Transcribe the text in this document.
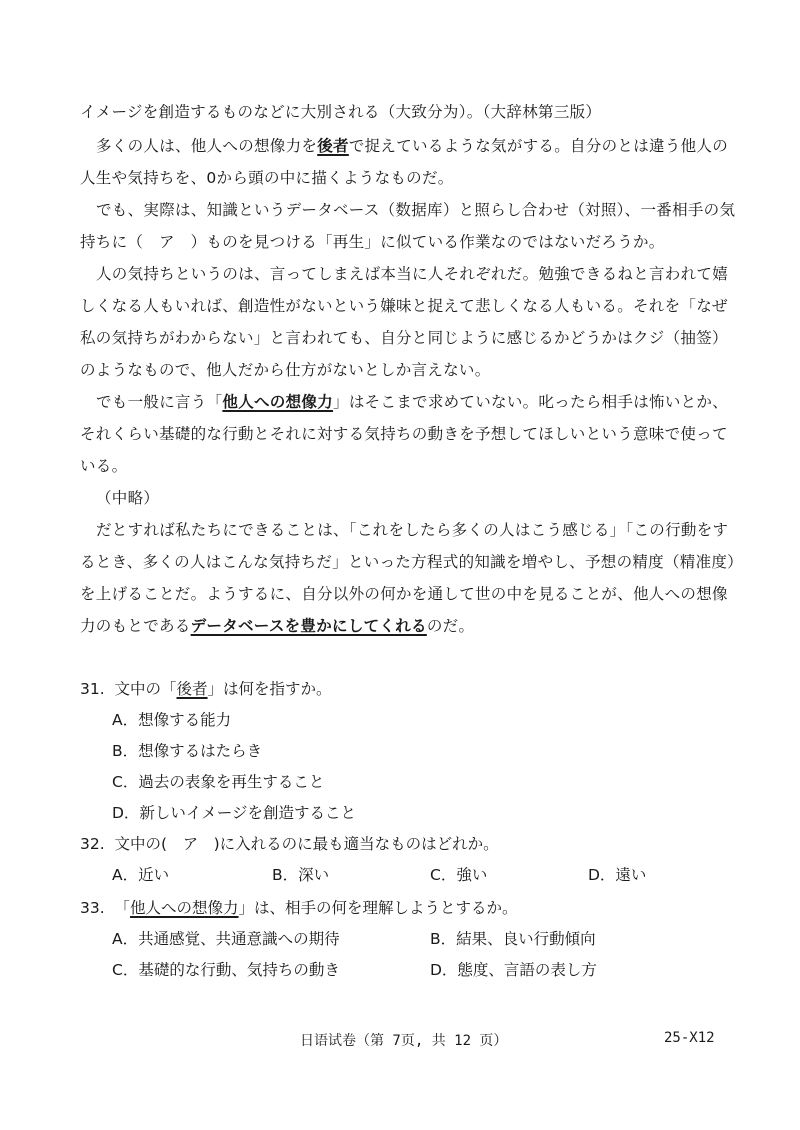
イメージを創造するものなどに大別される（大致分为）。（大辞林第三版）

多くの人は、他人への想像力を後者で捉えているような気がする。自分のとは違う他人の人生や気持ちを、0から頭の中に描くようなものだ。

でも、実際は、知識というデータベース（数据库）と照らし合わせ（対照）、一番相手の気持ちに（　ア　）ものを見つける「再生」に似ている作業なのではないだろうか。

人の気持ちというのは、言ってしまえば本当に人それぞれだ。勉強できるねと言われて嬉しくなる人もいれば、創造性がないという嫌味と捉えて悲しくなる人もいる。それを「なぜ私の気持ちがわからない」と言われても、自分と同じように感じるかどうかはクジ（抽签）のようなもので、他人だから仕方がないとしか言えない。

でも一般に言う「他人への想像力」はそこまで求めていない。叱ったら相手は怖いとか、それくらい基礎的な行動とそれに対する気持ちの動きを予想してほしいという意味で使っている。

（中略）

だとすれば私たちにできることは、「これをしたら多くの人はこう感じる」「この行動をするとき、多くの人はこんな気持ちだ」といった方程式的知識を増やし、予想の精度（精准度）を上げることだ。ようするに、自分以外の何かを通して世の中を見ることが、他人への想像力のもとであるデータベースを豊かにしてくれるのだ。

31. 文中の「後者」は何を指すか。
A．想像する能力
B．想像するはたらき
C．過去の表象を再生すること
D．新しいイメージを創造すること
32. 文中の(　ア　)に入れるのに最も適当なものはどれか。
A．近い	B．深い	C．強い	D．遠い
33. 「他人への想像力」は、相手の何を理解しようとするか。
A．共通感覚、共通意識への期待	B．結果、良い行動傾向
C．基礎的な行動、気持ちの動き	D．態度、言語の表し方
日语试卷（第 7页, 共 12 页）	25-X12
